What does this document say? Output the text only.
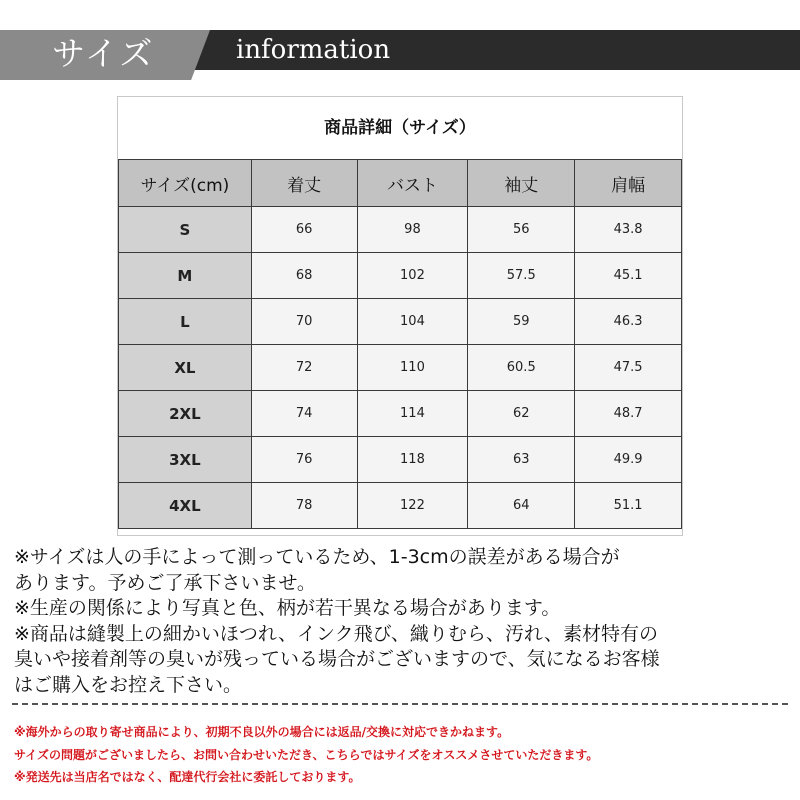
サイズ	information
商品詳細（サイズ）
サイズ(cm)	着丈	バスト	袖丈	肩幅
S	66	98	56	43.8
M	68	102	57.5	45.1
L	70	104	59	46.3
XL	72	110	60.5	47.5
2XL	74	114	62	48.7
3XL	76	118	63	49.9
4XL	78	122	64	51.1
※サイズは人の手によって測っているため、1-3cmの誤差がある場合が
あります。予めご了承下さいませ。
※生産の関係により写真と色、柄が若干異なる場合があります。
※商品は縫製上の細かいほつれ、インク飛び、織りむら、汚れ、素材特有の
臭いや接着剤等の臭いが残っている場合がございますので、気になるお客様
はご購入をお控え下さい。
※海外からの取り寄せ商品により、初期不良以外の場合には返品/交換に対応できかねます。
サイズの問題がございましたら、お問い合わせいただき、こちらではサイズをオススメさせていただきます。
※発送先は当店名ではなく、配達代行会社に委託しております。
